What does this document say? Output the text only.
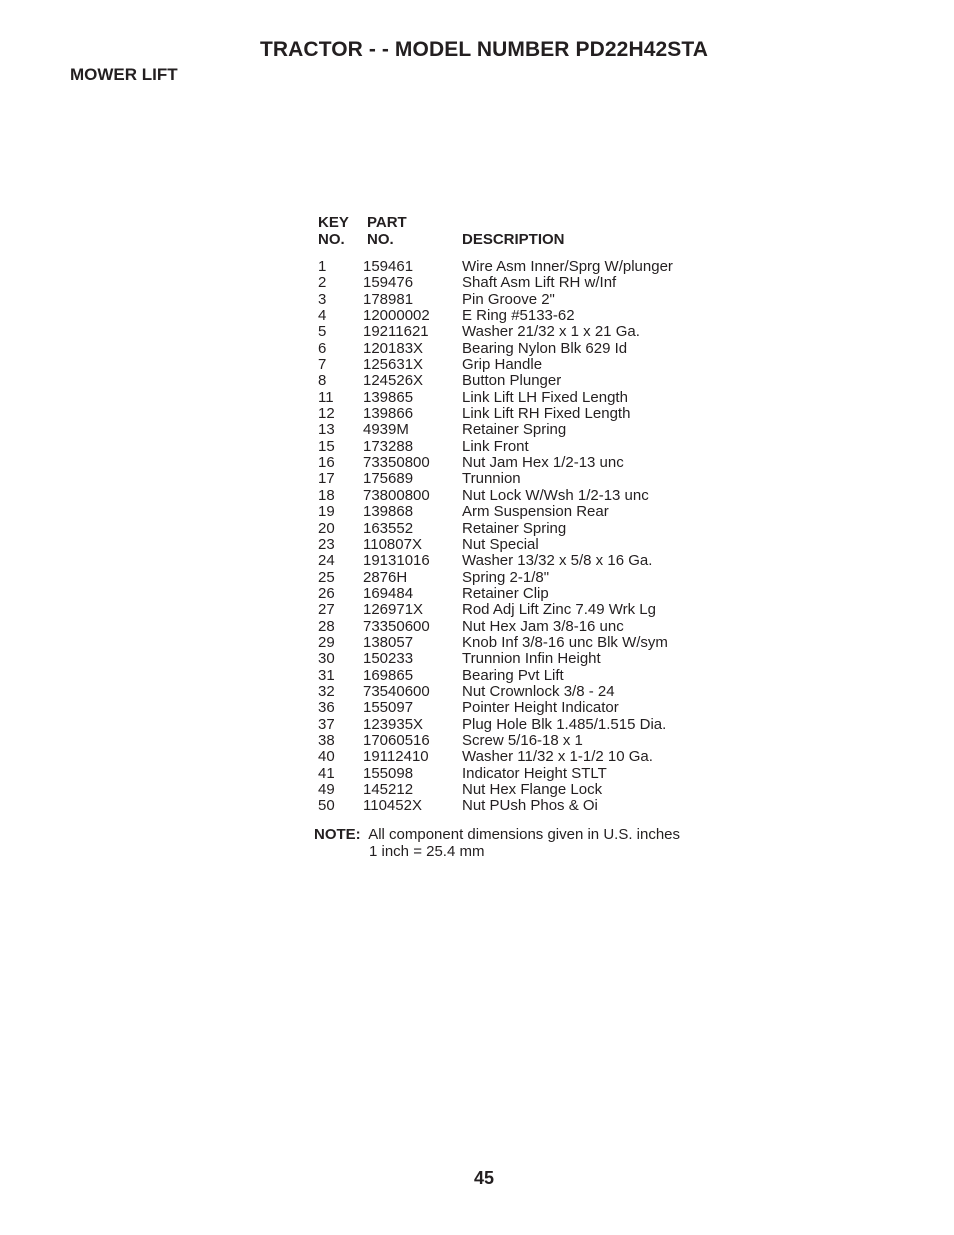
TRACTOR - - MODEL NUMBER PD22H42STA
MOWER LIFT
KEY
NO.
PART
NO.	DESCRIPTION
1 159461	Wire Asm Inner/Sprg W/plunger
2 159476	Shaft Asm Lift RH w/Inf
3 178981	Pin Groove 2"
4 12000002 E Ring #5133-62
5 19211621 Washer 21/32 x 1 x 21 Ga.
6 120183X	Bearing Nylon Blk 629 Id
7 125631X	Grip Handle
8 124526X	Button Plunger
11 139865	Link Lift LH Fixed Length
12 139866	Link Lift RH Fixed Length
13 4939M	Retainer Spring
15 173288	Link Front
16 73350800 Nut Jam Hex 1/2-13 unc
17 175689	Trunnion
18 73800800 Nut Lock W/Wsh 1/2-13 unc
19 139868	Arm Suspension Rear
20 163552	Retainer Spring
23 110807X	Nut Special
24 19131016 Washer 13/32 x 5/8 x 16 Ga.
25 2876H	Spring 2-1/8"
26 169484	Retainer Clip
27 126971X	Rod Adj Lift Zinc 7.49 Wrk Lg
28 73350600 Nut Hex Jam 3/8-16 unc
29 138057	Knob Inf 3/8-16 unc Blk W/sym
30 150233	Trunnion Infin Height
31 169865	Bearing Pvt Lift
32 73540600 Nut Crownlock 3/8 - 24
36 155097	Pointer Height Indicator
37 123935X	Plug Hole Blk 1.485/1.515 Dia.
38 17060516 Screw 5/16-18 x 1
40 19112410 Washer 11/32 x 1-1/2 10 Ga.
41 155098	Indicator Height STLT
49 145212	Nut Hex Flange Lock
50 110452X	Nut PUsh Phos & Oi
NOTE: All component dimensions given in U.S. inches
1 inch = 25.4 mm
45
